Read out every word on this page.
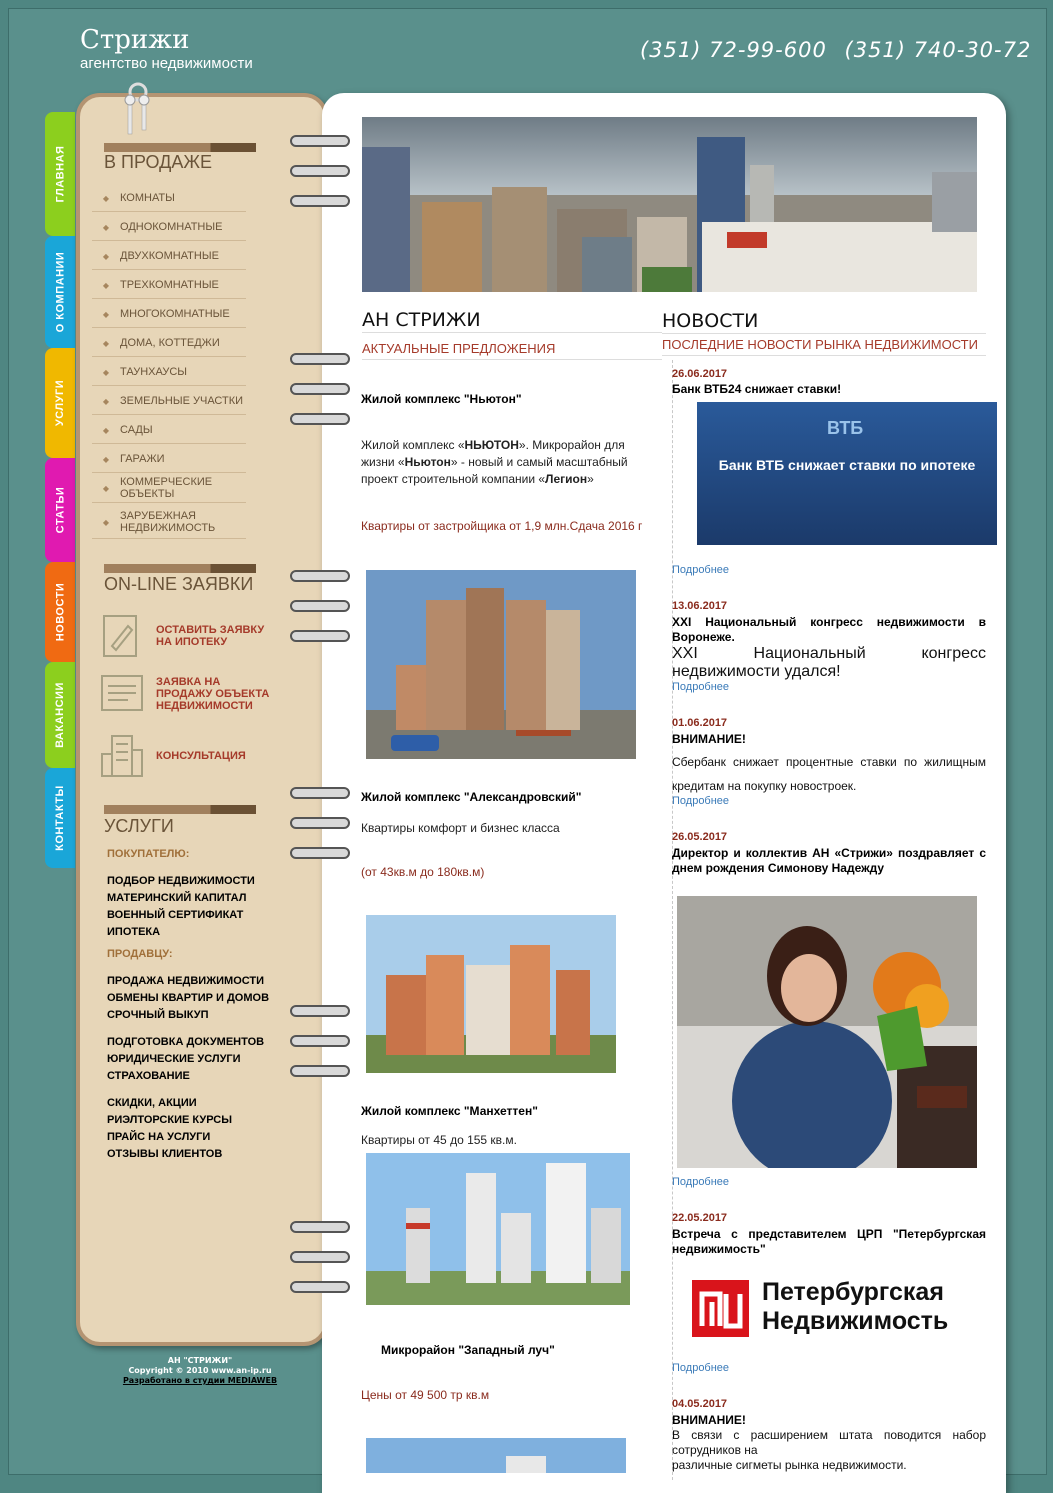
Стрижи
агентство недвижимости
(351) 72-99-600 (351) 740-30-72
ГЛАВНАЯ
О КОМПАНИИ
УСЛУГИ
СТАТЬИ
НОВОСТИ
ВАКАНСИИ
КОНТАКТЫ
В ПРОДАЖЕ
◆ КОМНАТЫ
◆ ОДНОКОМНАТНЫЕ
◆ ДВУХКОМНАТНЫЕ
◆ ТРЕХКОМНАТНЫЕ
◆ МНОГОКОМНАТНЫЕ
◆ ДОМА, КОТТЕДЖИ
◆ ТАУНХАУСЫ
◆ ЗЕМЕЛЬНЫЕ УЧАСТКИ
◆ САДЫ
◆ ГАРАЖИ
◆ КОММЕРЧЕСКИЕ ОБЪЕКТЫ
◆ ЗАРУБЕЖНАЯ НЕДВИЖИМОСТЬ
ON-LINE ЗАЯВКИ
ОСТАВИТЬ ЗАЯВКУ НА ИПОТЕКУ
ЗАЯВКА НА ПРОДАЖУ ОБЪЕКТА НЕДВИЖИМОСТИ
КОНСУЛЬТАЦИЯ
УСЛУГИ
ПОКУПАТЕЛЮ:
ПОДБОР НЕДВИЖИМОСТИ
МАТЕРИНСКИЙ КАПИТАЛ
ВОЕННЫЙ СЕРТИФИКАТ
ИПОТЕКА
ПРОДАВЦУ:
ПРОДАЖА НЕДВИЖИМОСТИ
ОБМЕНЫ КВАРТИР И ДОМОВ
СРОЧНЫЙ ВЫКУП
ПОДГОТОВКА ДОКУМЕНТОВ
ЮРИДИЧЕСКИЕ УСЛУГИ
СТРАХОВАНИЕ
СКИДКИ, АКЦИИ
РИЭЛТОРСКИЕ КУРСЫ
ПРАЙС НА УСЛУГИ
ОТЗЫВЫ КЛИЕНТОВ
АН "СТРИЖИ"
Copyright © 2010 www.an-ip.ru
Разработано в студии MEDIAWEB
АН СТРИЖИ
АКТУАЛЬНЫЕ ПРЕДЛОЖЕНИЯ
НОВОСТИ
ПОСЛЕДНИЕ НОВОСТИ РЫНКА НЕДВИЖИМОСТИ
Жилой комплекс "Ньютон"
Жилой комплекс «НЬЮТОН». Микрорайон для жизни «Ньютон» - новый и самый масштабный проект строительной компании «Легион»
Квартиры от застройщика от 1,9 млн.Сдача 2016 г
Жилой комплекс "Александровский"
Квартиры комфорт и бизнес класса
(от 43кв.м до 180кв.м)
Жилой комплекс "Манхеттен"
Квартиры от 45 до 155 кв.м.
Микрорайон "Западный луч"
Цены от 49 500 тр кв.м
26.06.2017
Банк ВТБ24 снижает ставки!
Банк ВТБ снижает ставки по ипотеке
ВТБ
Подробнее
13.06.2017
XXI Национальный конгресс недвижимости в Воронеже.
XXI Национальный конгресс недвижимости удался!
Подробнее
01.06.2017
ВНИМАНИЕ!
Сбербанк снижает процентные ставки по жилищным кредитам на покупку новостроек.
Подробнее
26.05.2017
Директор и коллектив АН «Стрижи» поздравляет с днем рождения Симонову Надежду
Подробнее
22.05.2017
Встреча с представителем ЦРП "Петербургская недвижимость"
Петербургская
Недвижимость
Подробнее
04.05.2017
ВНИМАНИЕ!
В связи с расширением штата поводится набор
сотрудников на
различные сигметы рынка недвижимости.
